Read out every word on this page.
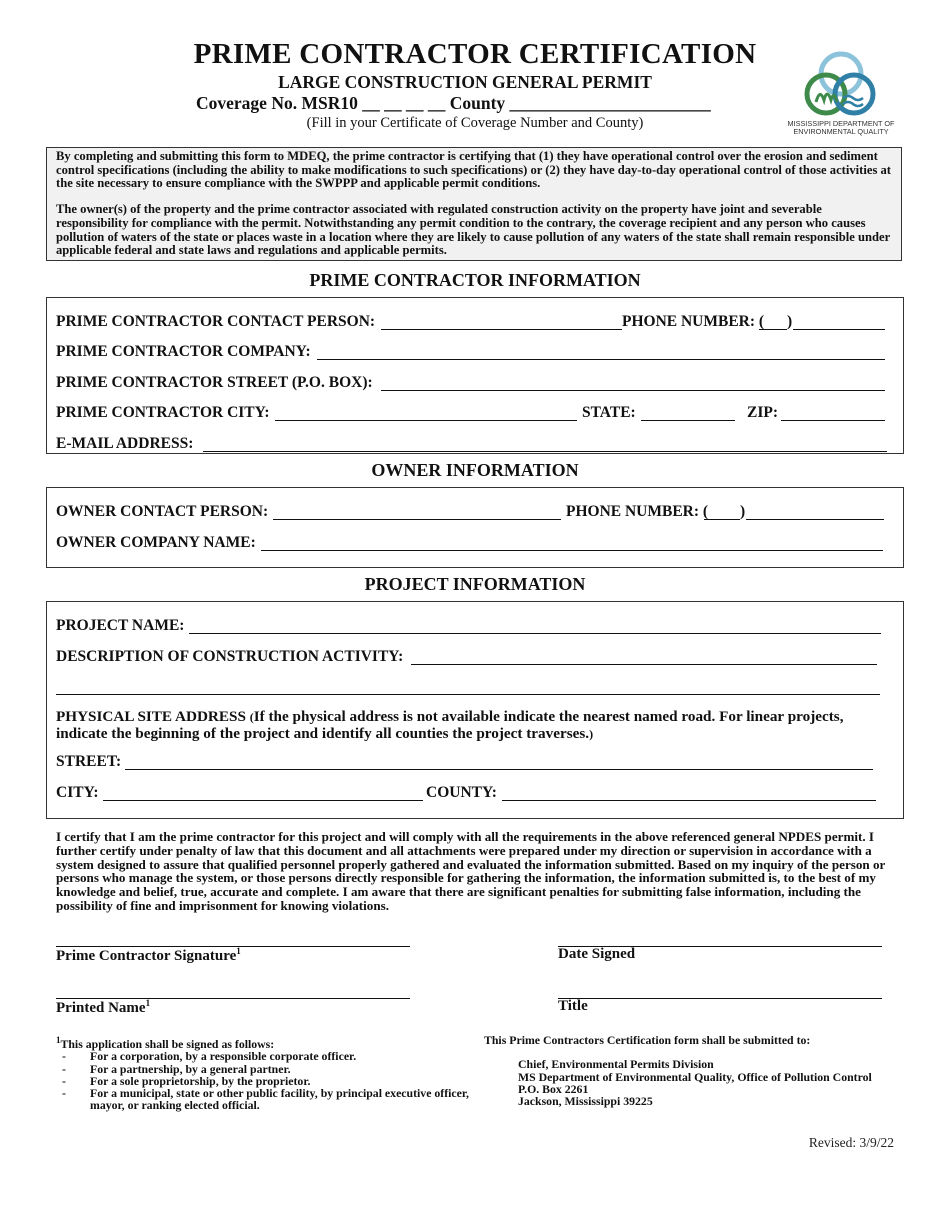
PRIME CONTRACTOR CERTIFICATION
LARGE CONSTRUCTION GENERAL PERMIT
Coverage No. MSR10 __ __ __ __ County _______________________
(Fill in your Certificate of Coverage Number and County)	MISSISSIPPI DEPARTMENT OF ENVIRONMENTAL QUALITY

By completing and submitting this form to MDEQ, the prime contractor is certifying that (1) they have operational control over the erosion and sediment control specifications (including the ability to make modifications to such specifications) or (2) they have day-to-day operational control of those activities at the site necessary to ensure compliance with the SWPPP and applicable permit conditions.

The owner(s) of the property and the prime contractor associated with regulated construction activity on the property have joint and severable responsibility for compliance with the permit. Notwithstanding any permit condition to the contrary, the coverage recipient and any person who causes pollution of waters of the state or places waste in a location where they are likely to cause pollution of any waters of the state shall remain responsible under applicable federal and state laws and regulations and applicable permits.

PRIME CONTRACTOR INFORMATION
PRIME CONTRACTOR CONTACT PERSON:	PHONE NUMBER: ( )
PRIME CONTRACTOR COMPANY:
PRIME CONTRACTOR STREET (P.O. BOX):
PRIME CONTRACTOR CITY:	STATE:	ZIP:
E-MAIL ADDRESS:
OWNER INFORMATION
OWNER CONTACT PERSON:	PHONE NUMBER: ( )
OWNER COMPANY NAME:
PROJECT INFORMATION
PROJECT NAME:
DESCRIPTION OF CONSTRUCTION ACTIVITY:
PHYSICAL SITE ADDRESS (If the physical address is not available indicate the nearest named road. For linear projects, indicate the beginning of the project and identify all counties the project traverses.)
STREET:
CITY:	COUNTY:
I certify that I am the prime contractor for this project and will comply with all the requirements in the above referenced general NPDES permit. I further certify under penalty of law that this document and all attachments were prepared under my direction or supervision in accordance with a system designed to assure that qualified personnel properly gathered and evaluated the information submitted. Based on my inquiry of the person or persons who manage the system, or those persons directly responsible for gathering the information, the information submitted is, to the best of my knowledge and belief, true, accurate and complete. I am aware that there are significant penalties for submitting false information, including the possibility of fine and imprisonment for knowing violations.
Prime Contractor Signature$^1$	Date Signed
Printed Name$^1$	Title
$^1$This application shall be signed as follows:
-	For a corporation, by a responsible corporate officer.
-	For a partnership, by a general partner.
-	For a sole proprietorship, by the proprietor.
-	For a municipal, state or other public facility, by principal executive officer, mayor, or ranking elected official.
This Prime Contractors Certification form shall be submitted to:
Chief, Environmental Permits Division
MS Department of Environmental Quality, Office of Pollution Control
P.O. Box 2261
Jackson, Mississippi 39225
Revised: 3/9/22
